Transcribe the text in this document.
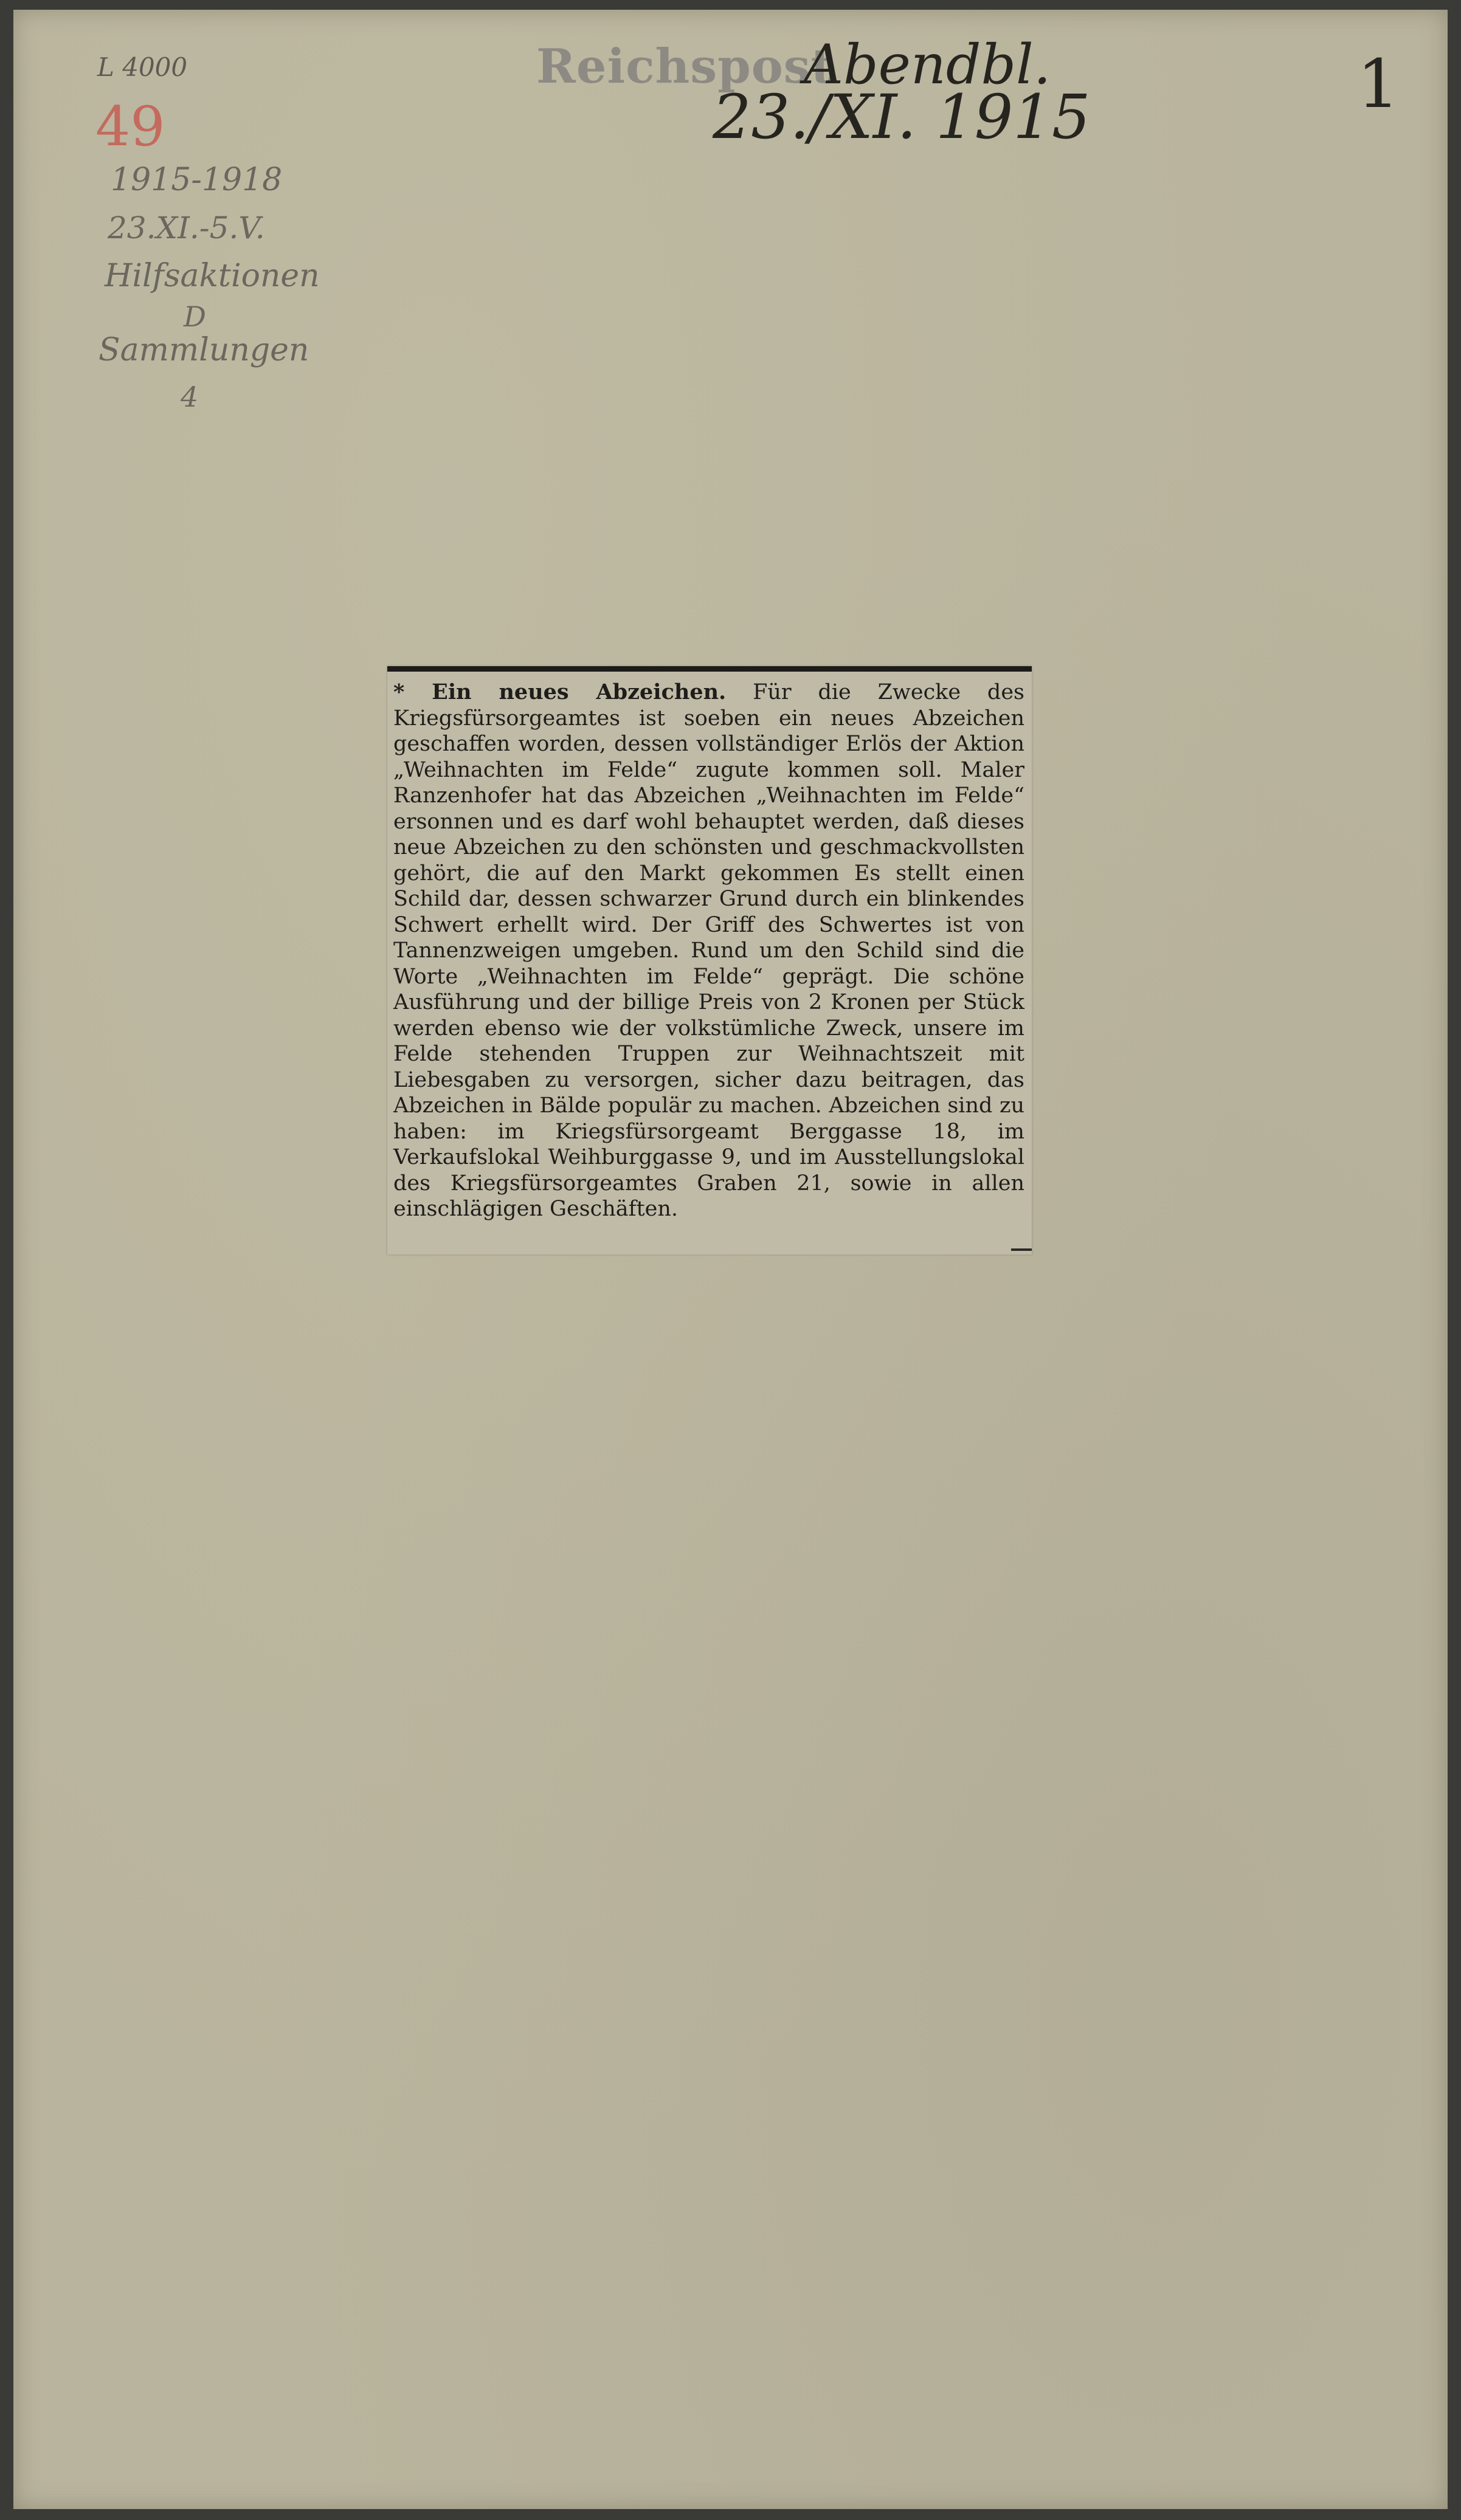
L 4000
49
1915-1918
23.XI.-5.V.
Hilfsaktionen
D
Sammlungen
4
Reichspost
Abendbl.
23./XI. 1915	1
* Ein neues Abzeichen. Für die Zwecke des Kriegsfürsorgeamtes ist soeben ein neues Abzeichen geschaffen worden, dessen vollständiger Erlös der Aktion „Weihnachten im Felde“ zugute kommen soll. Maler Ranzenhofer hat das Abzeichen „Weihnachten im Felde“ ersonnen und es darf wohl behauptet werden, daß dieses neue Abzeichen zu den schönsten und geschmackvollsten gehört, die auf den Markt gekommen Es stellt einen Schild dar, dessen schwarzer Grund durch ein blinkendes Schwert erhellt wird. Der Griff des Schwertes ist von Tannenzweigen umgeben. Rund um den Schild sind die Worte „Weihnachten im Felde“ geprägt. Die schöne Ausführung und der billige Preis von 2 Kronen per Stück werden ebenso wie der volkstümliche Zweck, unsere im Felde stehenden Truppen zur Weihnachtszeit mit Liebesgaben zu versorgen, sicher dazu beitragen, das Abzeichen in Bälde populär zu machen. Abzeichen sind zu haben: im Kriegsfürsorgeamt Berggasse 18, im Verkaufslokal Weihburggasse 9, und im Ausstellungslokal des Kriegsfürsorgeamtes Graben 21, sowie in allen einschlägigen Geschäften.
